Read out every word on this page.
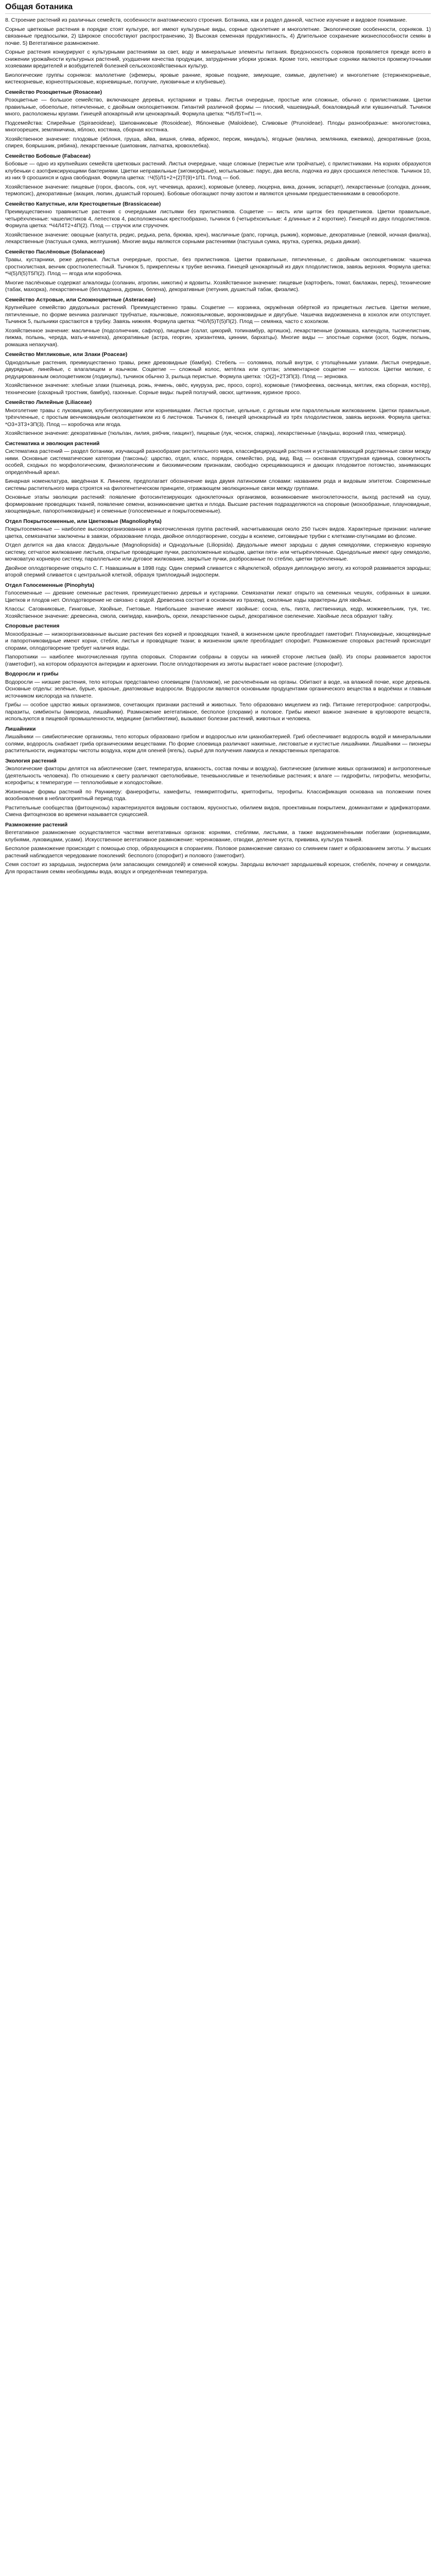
Общая ботаника

8. Строение растений из различных семейств, особенности анатомического строения. Ботаника, как и раздел данной, частное изучение и видовое понимание.

Сорные цветковые растения в порядке стоят культуре, вот имеют культурные виды, сорные однолетние и многолетние. Экологические особенности, сорняков. 1) связанные предпосылки, 2) Широкое способствуют распространению, 3) Высокая семенная продуктивность, 4) Длительное сохранение жизнеспособности семян в почве. 5) Вегетативное размножение.

Сорные растения конкурируют с культурными растениями за свет, воду и минеральные элементы питания. Вредоносность сорняков проявляется прежде всего в снижении урожайности культурных растений, ухудшении качества продукции, затруднении уборки урожая. Кроме того, некоторые сорняки являются промежуточными хозяевами вредителей и возбудителей болезней сельскохозяйственных культур.

Биологические группы сорняков: малолетние (эфемеры, яровые ранние, яровые поздние, зимующие, озимые, двулетние) и многолетние (стержнекорневые, кистекорневые, корнеотпрысковые, корневищные, ползучие, луковичные и клубневые).

Семейство Розоцветные (Rosaceae)

Розоцветные — большое семейство, включающее деревья, кустарники и травы. Листья очередные, простые или сложные, обычно с прилистниками. Цветки правильные, обоеполые, пятичленные, с двойным околоцветником. Гипантий различной формы — плоский, чашевидный, бокаловидный или кувшинчатый. Тычинок много, расположены кругами. Гинецей апокарпный или ценокарпный. Формула цветка: *Ч5Л5Т∞П1-∞.

Подсемейства: Спирейные (Spiraeoideae), Шиповниковые (Rosoideae), Яблоневые (Maloideae), Сливовые (Prunoideae). Плоды разнообразные: многолистовка, многоорешек, земляничина, яблоко, костянка, сборная костянка.

Хозяйственное значение: плодовые (яблоня, груша, айва, вишня, слива, абрикос, персик, миндаль), ягодные (малина, земляника, ежевика), декоративные (роза, спирея, боярышник, рябина), лекарственные (шиповник, лапчатка, кровохлебка).

Семейство Бобовые (Fabaceae)

Бобовые — одно из крупнейших семейств цветковых растений. Листья очередные, чаще сложные (перистые или тройчатые), с прилистниками. На корнях образуются клубеньки с азотфиксирующими бактериями. Цветки неправильные (зигоморфные), мотыльковые: парус, два весла, лодочка из двух сросшихся лепестков. Тычинок 10, из них 9 сросшихся и одна свободная. Формула цветка: ↑Ч(5)Л1+2+(2)Т(9)+1П1. Плод — боб.

Хозяйственное значение: пищевые (горох, фасоль, соя, нут, чечевица, арахис), кормовые (клевер, люцерна, вика, донник, эспарцет), лекарственные (солодка, донник, термопсис), декоративные (акация, люпин, душистый горошек). Бобовые обогащают почву азотом и являются ценными предшественниками в севообороте.

Семейство Капустные, или Крестоцветные (Brassicaceae)

Преимущественно травянистые растения с очередными листьями без прилистников. Соцветие — кисть или щиток без прицветников. Цветки правильные, четырёхчленные: чашелистиков 4, лепестков 4, расположенных крестообразно, тычинок 6 (четырёхсильные: 4 длинные и 2 короткие). Гинецей из двух плодолистиков. Формула цветка: *Ч4Л4Т2+4П(2). Плод — стручок или стручочек.

Хозяйственное значение: овощные (капуста, редис, редька, репа, брюква, хрен), масличные (рапс, горчица, рыжик), кормовые, декоративные (левкой, ночная фиалка), лекарственные (пастушья сумка, желтушник). Многие виды являются сорными растениями (пастушья сумка, ярутка, сурепка, редька дикая).

Семейство Паслёновые (Solanaceae)

Травы, кустарники, реже деревья. Листья очередные, простые, без прилистников. Цветки правильные, пятичленные, с двойным околоцветником: чашечка сростнолистная, венчик сростнолепестный. Тычинок 5, прикреплены к трубке венчика. Гинецей ценокарпный из двух плодолистиков, завязь верхняя. Формула цветка: *Ч(5)Л(5)Т5П(2). Плод — ягода или коробочка.

Многие паслёновые содержат алкалоиды (соланин, атропин, никотин) и ядовиты. Хозяйственное значение: пищевые (картофель, томат, баклажан, перец), технические (табак, махорка), лекарственные (белладонна, дурман, белена), декоративные (петуния, душистый табак, физалис).

Семейство Астровые, или Сложноцветные (Asteraceae)

Крупнейшее семейство двудольных растений. Преимущественно травы. Соцветие — корзинка, окружённая обёрткой из прицветных листьев. Цветки мелкие, пятичленные, по форме венчика различают трубчатые, язычковые, ложноязычковые, воронковидные и двугубые. Чашечка видоизменена в хохолок или отсутствует. Тычинок 5, пыльники срастаются в трубку. Завязь нижняя. Формула цветка: *Ч0Л(5)Т(5)П(2). Плод — семянка, часто с хохолком.

Хозяйственное значение: масличные (подсолнечник, сафлор), пищевые (салат, цикорий, топинамбур, артишок), лекарственные (ромашка, календула, тысячелистник, пижма, полынь, череда, мать-и-мачеха), декоративные (астра, георгин, хризантема, циннии, бархатцы). Многие виды — злостные сорняки (осот, бодяк, полынь, ромашка непахучая).

Семейство Мятликовые, или Злаки (Poaceae)

Однодольные растения, преимущественно травы, реже древовидные (бамбук). Стебель — соломина, полый внутри, с утолщёнными узлами. Листья очередные, двурядные, линейные, с влагалищем и язычком. Соцветие — сложный колос, метёлка или султан; элементарное соцветие — колосок. Цветки мелкие, с редуцированным околоцветником (лодикулы), тычинок обычно 3, рыльца перистые. Формула цветка: ↑О(2)+2Т3П(3). Плод — зерновка.

Хозяйственное значение: хлебные злаки (пшеница, рожь, ячмень, овёс, кукуруза, рис, просо, сорго), кормовые (тимофеевка, овсяница, мятлик, ежа сборная, костёр), технические (сахарный тростник, бамбук), газонные. Сорные виды: пырей ползучий, овсюг, щетинник, куриное просо.

Семейство Лилейные (Liliaceae)

Многолетние травы с луковицами, клубнелуковицами или корневищами. Листья простые, цельные, с дуговым или параллельным жилкованием. Цветки правильные, трёхчленные, с простым венчиковидным околоцветником из 6 листочков. Тычинок 6, гинецей ценокарпный из трёх плодолистиков, завязь верхняя. Формула цветка: *О3+3Т3+3П(3). Плод — коробочка или ягода.

Хозяйственное значение: декоративные (тюльпан, лилия, рябчик, гиацинт), пищевые (лук, чеснок, спаржа), лекарственные (ландыш, вороний глаз, чемерица).

Систематика и эволюция растений

Систематика растений — раздел ботаники, изучающий разнообразие растительного мира, классифицирующий растения и устанавливающий родственные связи между ними. Основные систематические категории (таксоны): царство, отдел, класс, порядок, семейство, род, вид. Вид — основная структурная единица, совокупность особей, сходных по морфологическим, физиологическим и биохимическим признакам, свободно скрещивающихся и дающих плодовитое потомство, занимающих определённый ареал.

Бинарная номенклатура, введённая К. Линнеем, предполагает обозначение вида двумя латинскими словами: названием рода и видовым эпитетом. Современные системы растительного мира строятся на филогенетическом принципе, отражающем эволюционные связи между группами.

Основные этапы эволюции растений: появление фотосинтезирующих одноклеточных организмов, возникновение многоклеточности, выход растений на сушу, формирование проводящих тканей, появление семени, возникновение цветка и плода. Высшие растения подразделяются на споровые (мохообразные, плауновидные, хвощевидные, папоротниковидные) и семенные (голосеменные и покрытосеменные).

Отдел Покрытосеменные, или Цветковые (Magnoliophyta)

Покрытосеменные — наиболее высокоорганизованная и многочисленная группа растений, насчитывающая около 250 тысяч видов. Характерные признаки: наличие цветка, семязачатки заключены в завязи, образование плода, двойное оплодотворение, сосуды в ксилеме, ситовидные трубки с клетками-спутницами во флоэме.

Отдел делится на два класса: Двудольные (Magnoliopsida) и Однодольные (Liliopsida). Двудольные имеют зародыш с двумя семядолями, стержневую корневую систему, сетчатое жилкование листьев, открытые проводящие пучки, расположенные кольцом, цветки пяти- или четырёхчленные. Однодольные имеют одну семядолю, мочковатую корневую систему, параллельное или дуговое жилкование, закрытые пучки, разбросанные по стеблю, цветки трёхчленные.

Двойное оплодотворение открыто С. Г. Навашиным в 1898 году. Один спермий сливается с яйцеклеткой, образуя диплоидную зиготу, из которой развивается зародыш; второй спермий сливается с центральной клеткой, образуя триплоидный эндосперм.

Отдел Голосеменные (Pinophyta)

Голосеменные — древние семенные растения, преимущественно деревья и кустарники. Семязачатки лежат открыто на семенных чешуях, собранных в шишки. Цветков и плодов нет. Оплодотворение не связано с водой. Древесина состоит в основном из трахеид, смоляные ходы характерны для хвойных.

Классы: Саговниковые, Гинкговые, Хвойные, Гнетовые. Наибольшее значение имеют хвойные: сосна, ель, пихта, лиственница, кедр, можжевельник, туя, тис. Хозяйственное значение: древесина, смола, скипидар, канифоль, орехи, лекарственное сырьё, декоративное озеленение. Хвойные леса образуют тайгу.

Споровые растения

Мохообразные — низкоорганизованные высшие растения без корней и проводящих тканей, в жизненном цикле преобладает гаметофит. Плауновидные, хвощевидные и папоротниковидные имеют корни, стебли, листья и проводящие ткани; в жизненном цикле преобладает спорофит. Размножение споровых растений происходит спорами, оплодотворение требует наличия воды.

Папоротники — наиболее многочисленная группа споровых. Спорангии собраны в сорусы на нижней стороне листьев (вай). Из споры развивается заросток (гаметофит), на котором образуются антеридии и архегонии. После оплодотворения из зиготы вырастает новое растение (спорофит).

Водоросли и грибы

Водоросли — низшие растения, тело которых представлено слоевищем (талломом), не расчленённым на органы. Обитают в воде, на влажной почве, коре деревьев. Основные отделы: зелёные, бурые, красные, диатомовые водоросли. Водоросли являются основными продуцентами органического вещества в водоёмах и главным источником кислорода на планете.

Грибы — особое царство живых организмов, сочетающих признаки растений и животных. Тело образовано мицелием из гиф. Питание гетеротрофное: сапротрофы, паразиты, симбионты (микориза, лишайники). Размножение вегетативное, бесполое (спорами) и половое. Грибы имеют важное значение в круговороте веществ, используются в пищевой промышленности, медицине (антибиотики), вызывают болезни растений, животных и человека.

Лишайники

Лишайники — симбиотические организмы, тело которых образовано грибом и водорослью или цианобактерией. Гриб обеспечивает водоросль водой и минеральными солями, водоросль снабжает гриба органическими веществами. По форме слоевища различают накипные, листоватые и кустистые лишайники. Лишайники — пионеры растительности, индикаторы чистоты воздуха, корм для оленей (ягель), сырьё для получения лакмуса и лекарственных препаратов.

Экология растений

Экологические факторы делятся на абиотические (свет, температура, влажность, состав почвы и воздуха), биотические (влияние живых организмов) и антропогенные (деятельность человека). По отношению к свету различают светолюбивые, теневыносливые и тенелюбивые растения; к влаге — гидрофиты, гигрофиты, мезофиты, ксерофиты; к температуре — теплолюбивые и холодостойкие.

Жизненные формы растений по Раункиеру: фанерофиты, хамефиты, гемикриптофиты, криптофиты, терофиты. Классификация основана на положении почек возобновления в неблагоприятный период года.

Растительные сообщества (фитоценозы) характеризуются видовым составом, ярусностью, обилием видов, проективным покрытием, доминантами и эдификаторами. Смена фитоценозов во времени называется сукцессией.

Размножение растений

Вегетативное размножение осуществляется частями вегетативных органов: корнями, стеблями, листьями, а также видоизменёнными побегами (корневищами, клубнями, луковицами, усами). Искусственное вегетативное размножение: черенкование, отводки, деление куста, прививка, культура тканей.

Бесполое размножение происходит с помощью спор, образующихся в спорангиях. Половое размножение связано со слиянием гамет и образованием зиготы. У высших растений наблюдается чередование поколений: бесполого (спорофит) и полового (гаметофит).

Семя состоит из зародыша, эндосперма (или запасающих семядолей) и семенной кожуры. Зародыш включает зародышевый корешок, стебелёк, почечку и семядоли. Для прорастания семян необходимы вода, воздух и определённая температура.
